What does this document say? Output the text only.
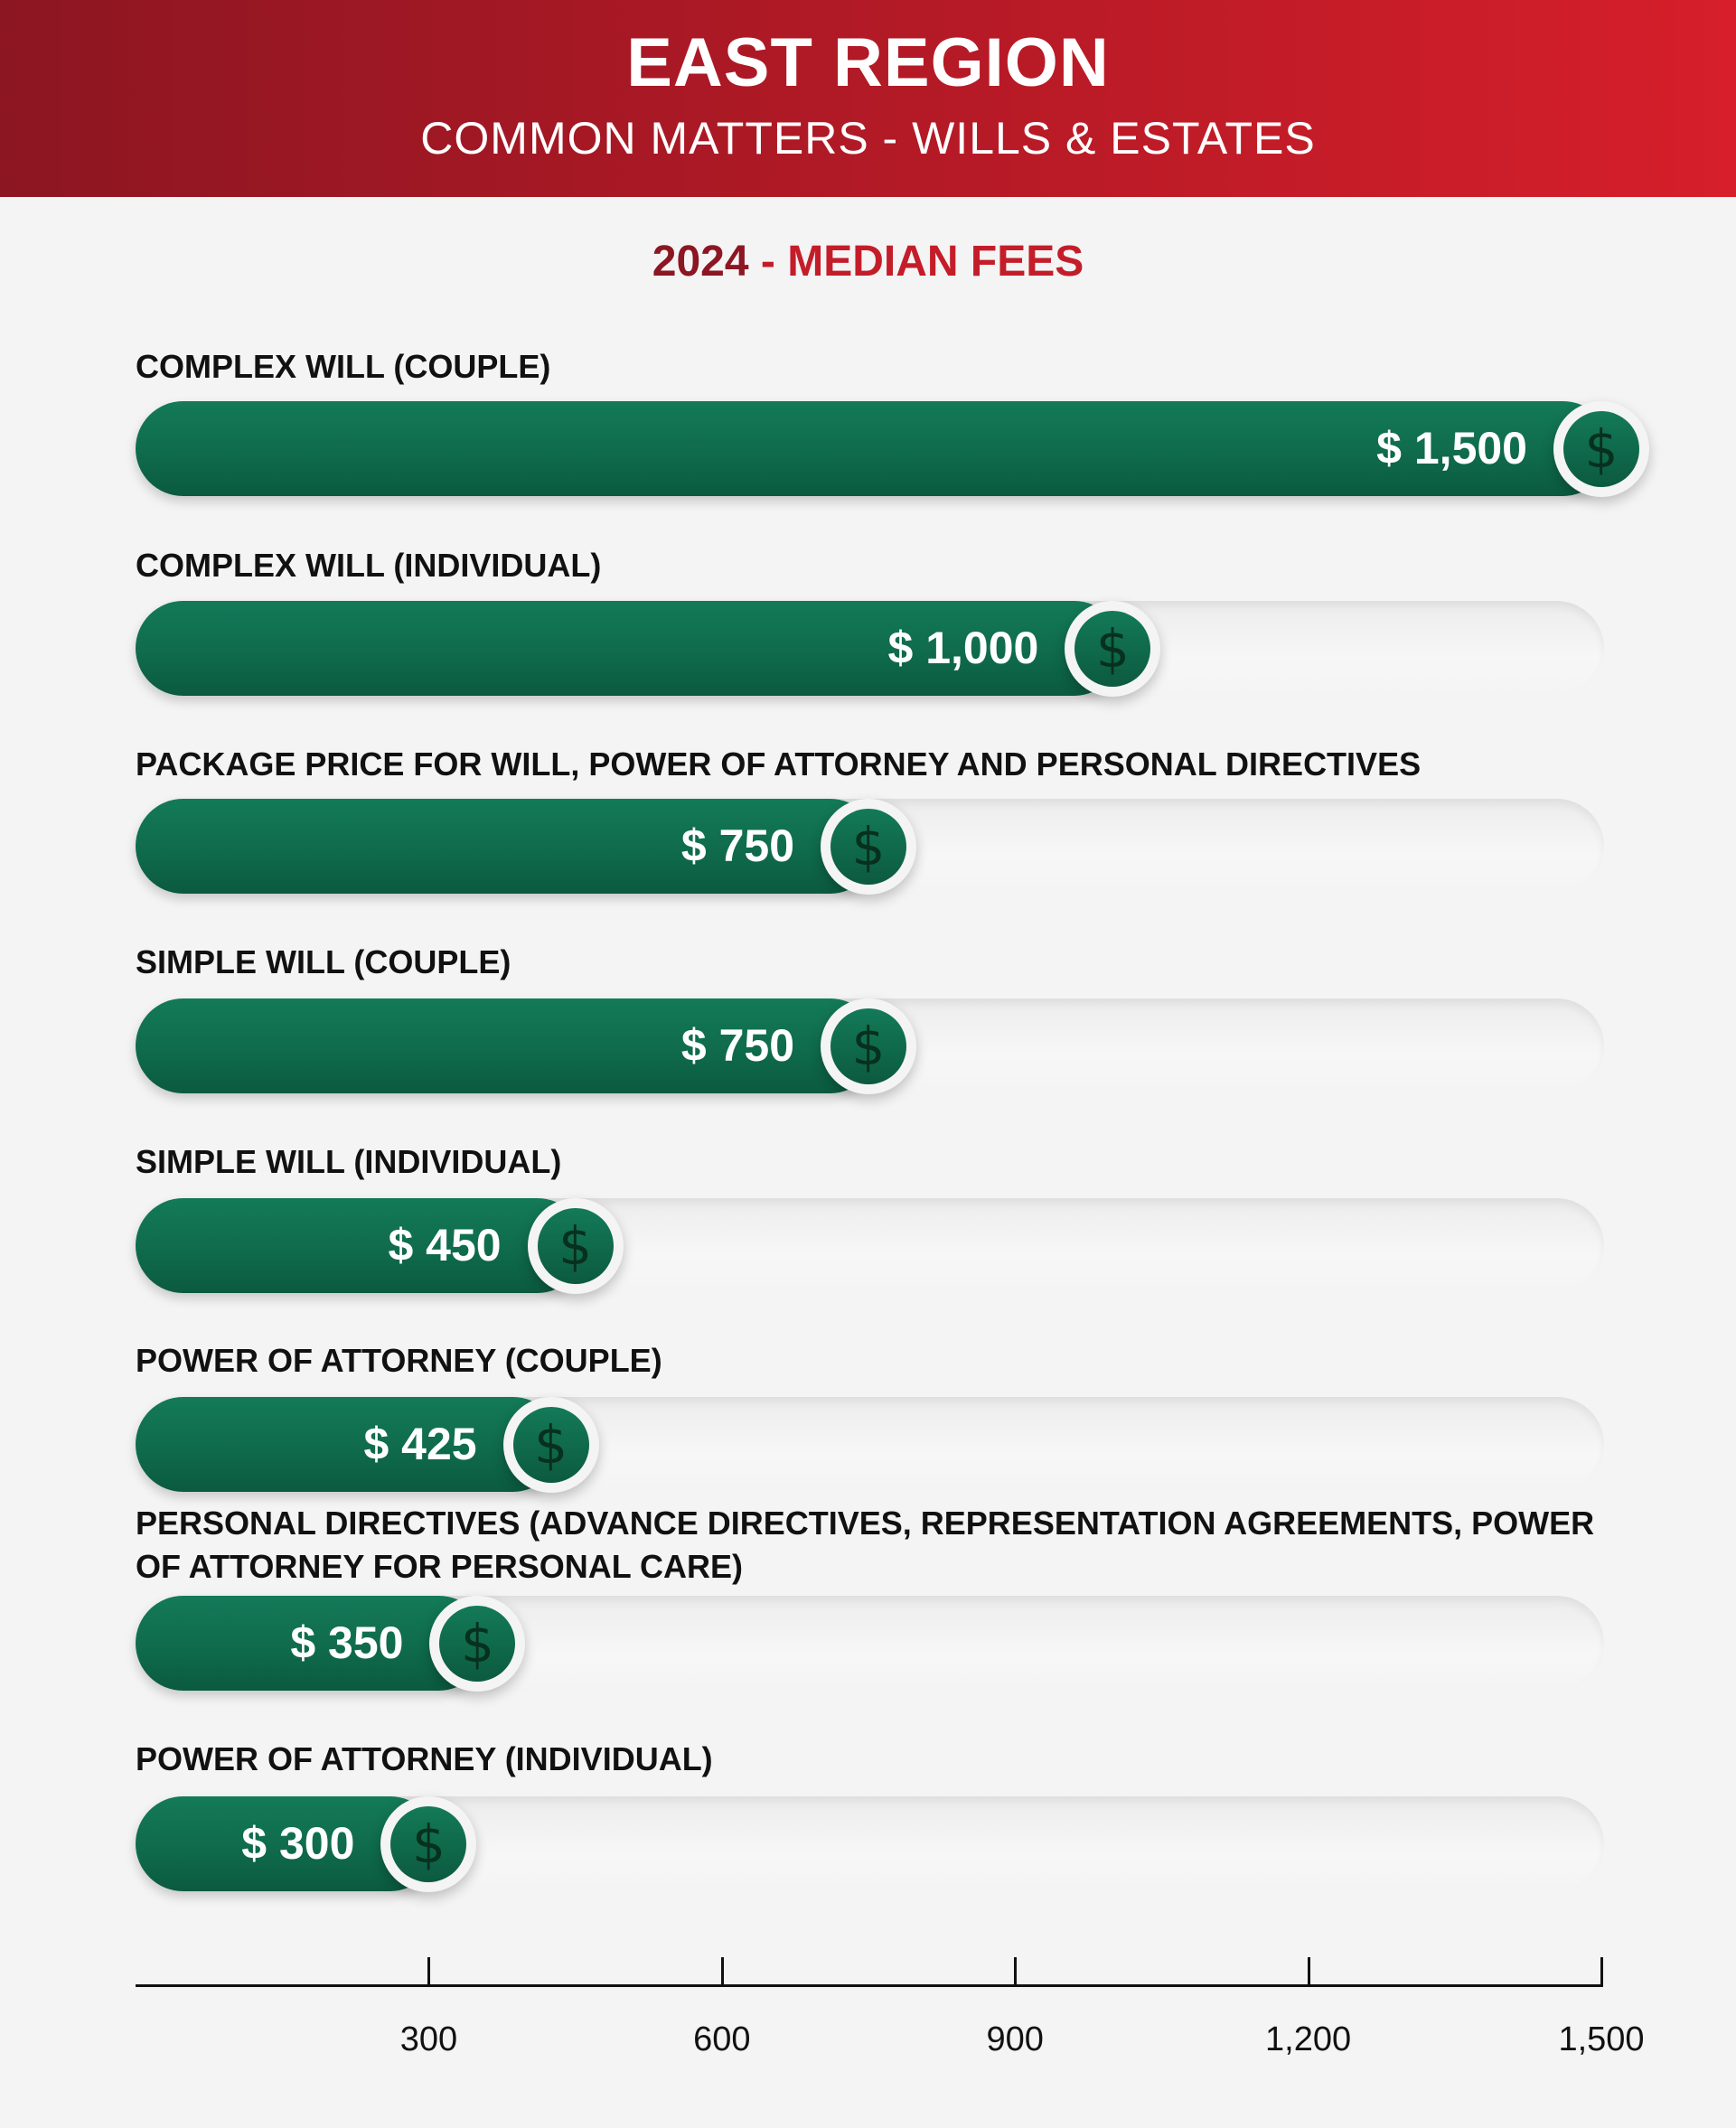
EAST REGION
COMMON MATTERS - WILLS & ESTATES
2024 - MEDIAN FEES
COMPLEX WILL (COUPLE)
$ 1,500	$
COMPLEX WILL (INDIVIDUAL)
$ 1,000	$
PACKAGE PRICE FOR WILL, POWER OF ATTORNEY AND PERSONAL DIRECTIVES
$ 750	$
SIMPLE WILL (COUPLE)
$ 750	$
SIMPLE WILL (INDIVIDUAL)
$ 450	$
POWER OF ATTORNEY (COUPLE)
$ 425	$
PERSONAL DIRECTIVES (ADVANCE DIRECTIVES, REPRESENTATION AGREEMENTS, POWER OF ATTORNEY FOR PERSONAL CARE)
$ 350	$
POWER OF ATTORNEY (INDIVIDUAL)
$ 300	$
300	600	900	1,200	1,500
